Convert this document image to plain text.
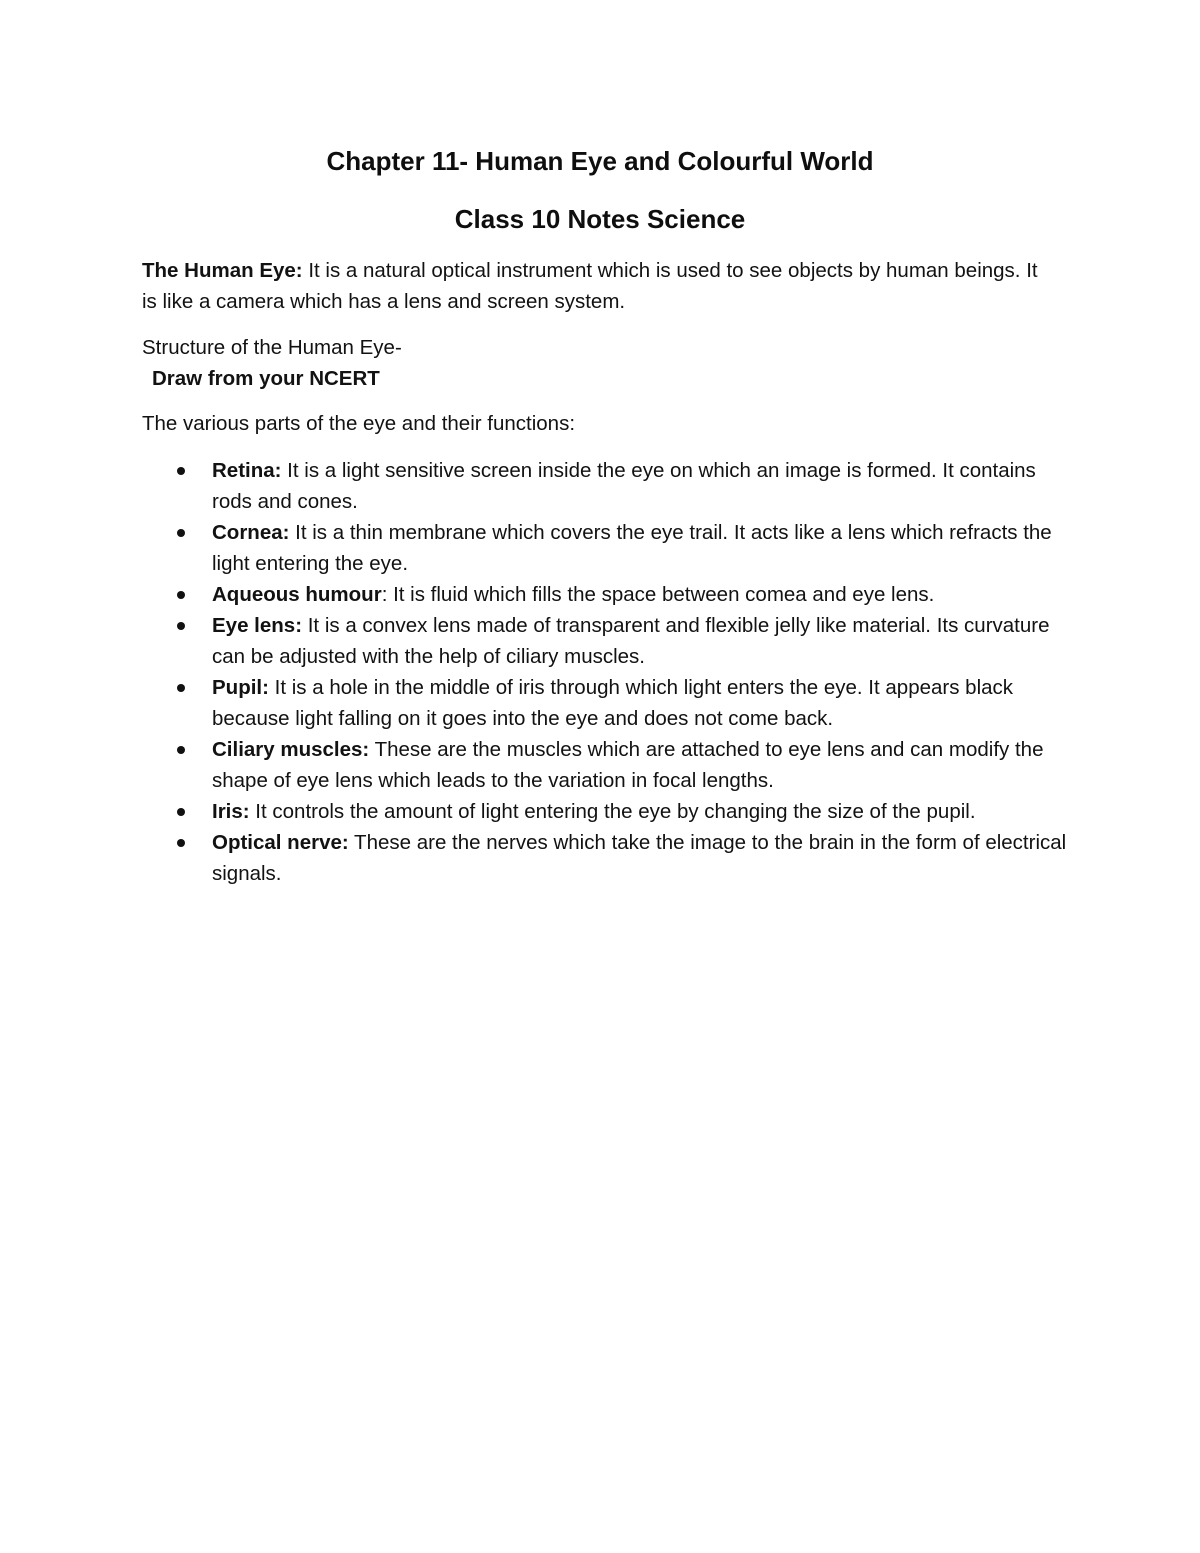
Chapter 11- Human Eye and Colourful World
Class 10 Notes Science

The Human Eye: It is a natural optical instrument which is used to see objects by human beings. It is like a camera which has a lens and screen system.

Structure of the Human Eye-
Draw from your NCERT

The various parts of the eye and their functions:

Retina: It is a light sensitive screen inside the eye on which an image is formed. It contains rods and cones.
Cornea: It is a thin membrane which covers the eye trail. It acts like a lens which refracts the light entering the eye.
Aqueous humour: It is fluid which fills the space between comea and eye lens.
Eye lens: It is a convex lens made of transparent and flexible jelly like material. Its curvature can be adjusted with the help of ciliary muscles.
Pupil: It is a hole in the middle of iris through which light enters the eye. It appears black because light falling on it goes into the eye and does not come back.
Ciliary muscles: These are the muscles which are attached to eye lens and can modify the shape of eye lens which leads to the variation in focal lengths.
Iris: It controls the amount of light entering the eye by changing the size of the pupil.
Optical nerve: These are the nerves which take the image to the brain in the form of electrical signals.
